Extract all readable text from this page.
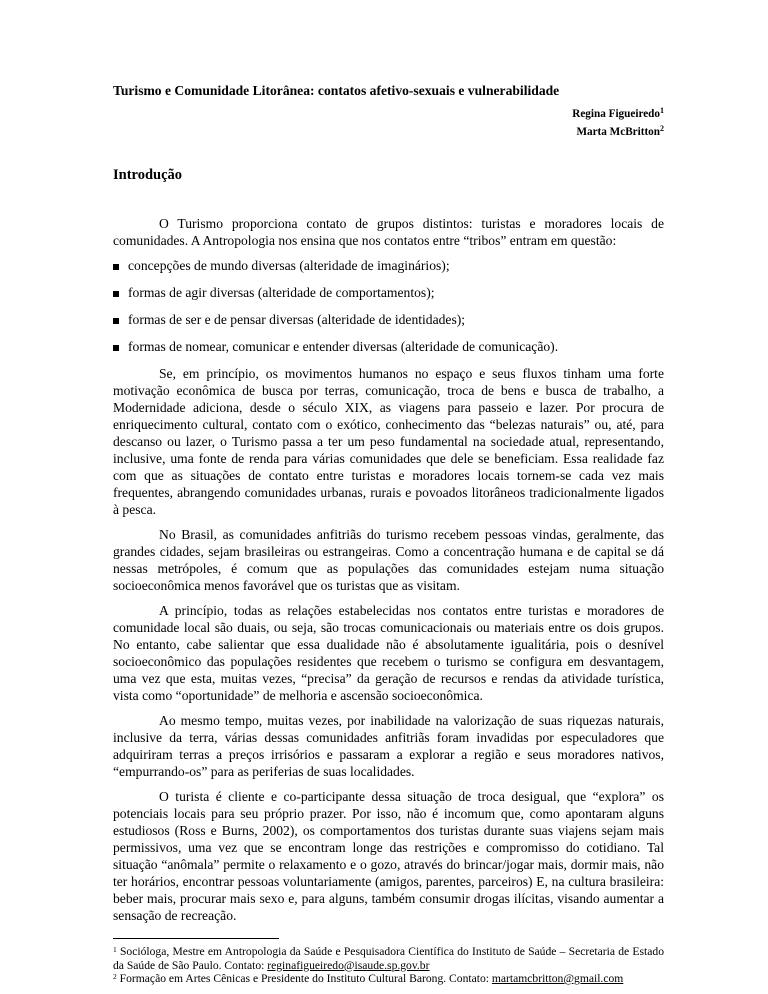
Turismo e Comunidade Litorânea: contatos afetivo-sexuais e vulnerabilidade
Regina Figueiredo$^1$
Marta McBritton$^2$
Introdução

O Turismo proporciona contato de grupos distintos: turistas e moradores locais de comunidades. A Antropologia nos ensina que nos contatos entre “tribos” entram em questão:

concepções de mundo diversas (alteridade de imaginários);
formas de agir diversas (alteridade de comportamentos);
formas de ser e de pensar diversas (alteridade de identidades);
formas de nomear, comunicar e entender diversas (alteridade de comunicação).

Se, em princípio, os movimentos humanos no espaço e seus fluxos tinham uma forte motivação econômica de busca por terras, comunicação, troca de bens e busca de trabalho, a Modernidade adiciona, desde o século XIX, as viagens para passeio e lazer. Por procura de enriquecimento cultural, contato com o exótico, conhecimento das “belezas naturais” ou, até, para descanso ou lazer, o Turismo passa a ter um peso fundamental na sociedade atual, representando, inclusive, uma fonte de renda para várias comunidades que dele se beneficiam. Essa realidade faz com que as situações de contato entre turistas e moradores locais tornem-se cada vez mais frequentes, abrangendo comunidades urbanas, rurais e povoados litorâneos tradicionalmente ligados à pesca.

No Brasil, as comunidades anfitriãs do turismo recebem pessoas vindas, geralmente, das grandes cidades, sejam brasileiras ou estrangeiras. Como a concentração humana e de capital se dá nessas metrópoles, é comum que as populações das comunidades estejam numa situação socioeconômica menos favorável que os turistas que as visitam.

A princípio, todas as relações estabelecidas nos contatos entre turistas e moradores de comunidade local são duais, ou seja, são trocas comunicacionais ou materiais entre os dois grupos. No entanto, cabe salientar que essa dualidade não é absolutamente igualitária, pois o desnível socioeconômico das populações residentes que recebem o turismo se configura em desvantagem, uma vez que esta, muitas vezes, “precisa” da geração de recursos e rendas da atividade turística, vista como “oportunidade” de melhoria e ascensão socioeconômica.

Ao mesmo tempo, muitas vezes, por inabilidade na valorização de suas riquezas naturais, inclusive da terra, várias dessas comunidades anfitriãs foram invadidas por especuladores que adquiriram terras a preços irrisórios e passaram a explorar a região e seus moradores nativos, “empurrando-os” para as periferias de suas localidades.

O turista é cliente e co-participante dessa situação de troca desigual, que “explora” os potenciais locais para seu próprio prazer. Por isso, não é incomum que, como apontaram alguns estudiosos (Ross e Burns, 2002), os comportamentos dos turistas durante suas viajens sejam mais permissivos, uma vez que se encontram longe das restrições e compromisso do cotidiano. Tal situação “anômala” permite o relaxamento e o gozo, através do brincar/jogar mais, dormir mais, não ter horários, encontrar pessoas voluntariamente (amigos, parentes, parceiros) E, na cultura brasileira: beber mais, procurar mais sexo e, para alguns, também consumir drogas ilícitas, visando aumentar a sensação de recreação.

$^1$ Socióloga, Mestre em Antropologia da Saúde e Pesquisadora Científica do Instituto de Saúde – Secretaria de Estado da Saúde de São Paulo. Contato: reginafigueiredo@isaude.sp.gov.br

$^2$ Formação em Artes Cênicas e Presidente do Instituto Cultural Barong. Contato: martamcbritton@gmail.com
